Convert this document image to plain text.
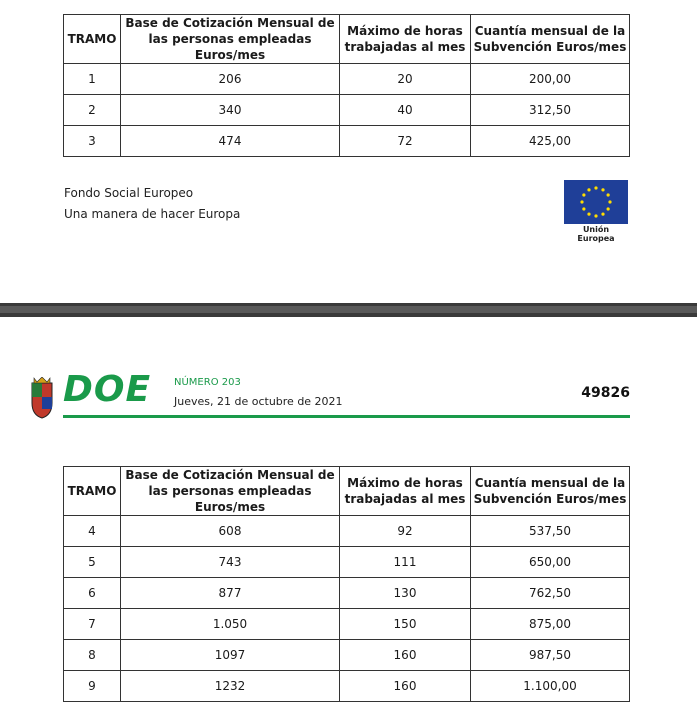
TRAMO	Base de Cotización Mensual de las personas empleadas Euros/mes	Máximo de horas trabajadas al mes	Cuantía mensual de la Subvención Euros/mes
1	206	20	200,00
2	340	40	312,50
3	474	72	425,00
Fondo Social Europeo
Una manera de hacer Europa
Unión Europea
DOE NÚMERO 203
Jueves, 21 de octubre de 2021
49826
TRAMO	Base de Cotización Mensual de las personas empleadas Euros/mes	Máximo de horas trabajadas al mes	Cuantía mensual de la Subvención Euros/mes
4	608	92	537,50
5	743	111	650,00
6	877	130	762,50
7	1.050	150	875,00
8	1097	160	987,50
9	1232	160	1.100,00
